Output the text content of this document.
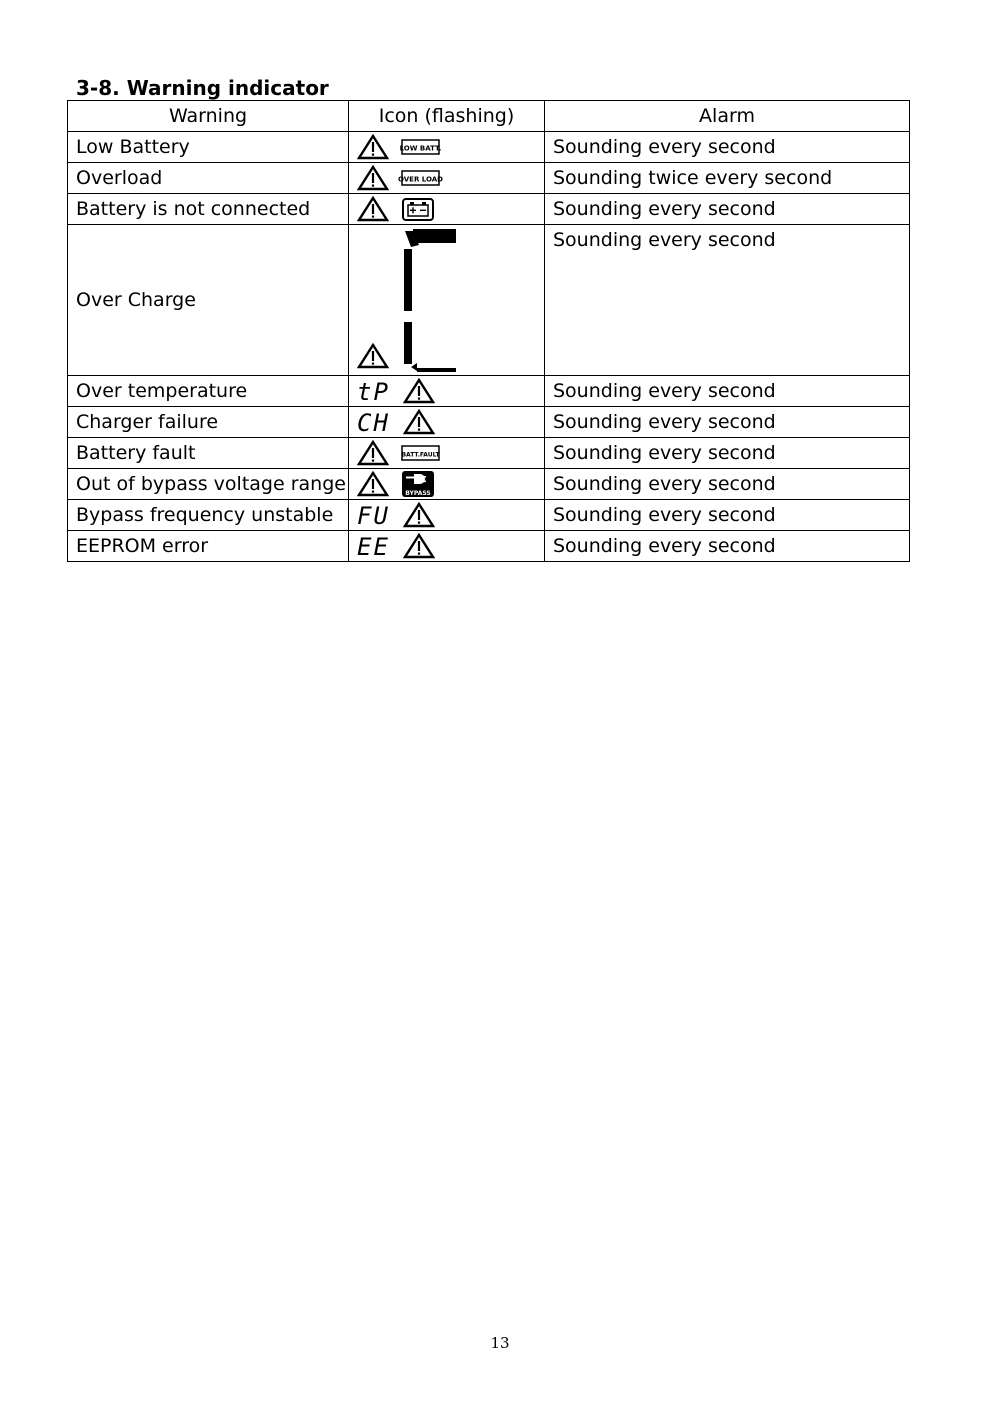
3-8. Warning indicator
Warning	Icon (flashing)	Alarm
Low Battery	LOW BATT.	Sounding every second
Overload	OVER LOAD	Sounding twice every second
Battery is not connected		Sounding every second
Over Charge		Sounding every second
Over temperature	tP	Sounding every second
Charger failure	CH	Sounding every second
Battery fault	BATT.FAULT	Sounding every second
Out of bypass voltage range	BYPASS	Sounding every second
Bypass frequency unstable	FU	Sounding every second
EEPROM error	EE	Sounding every second
13
